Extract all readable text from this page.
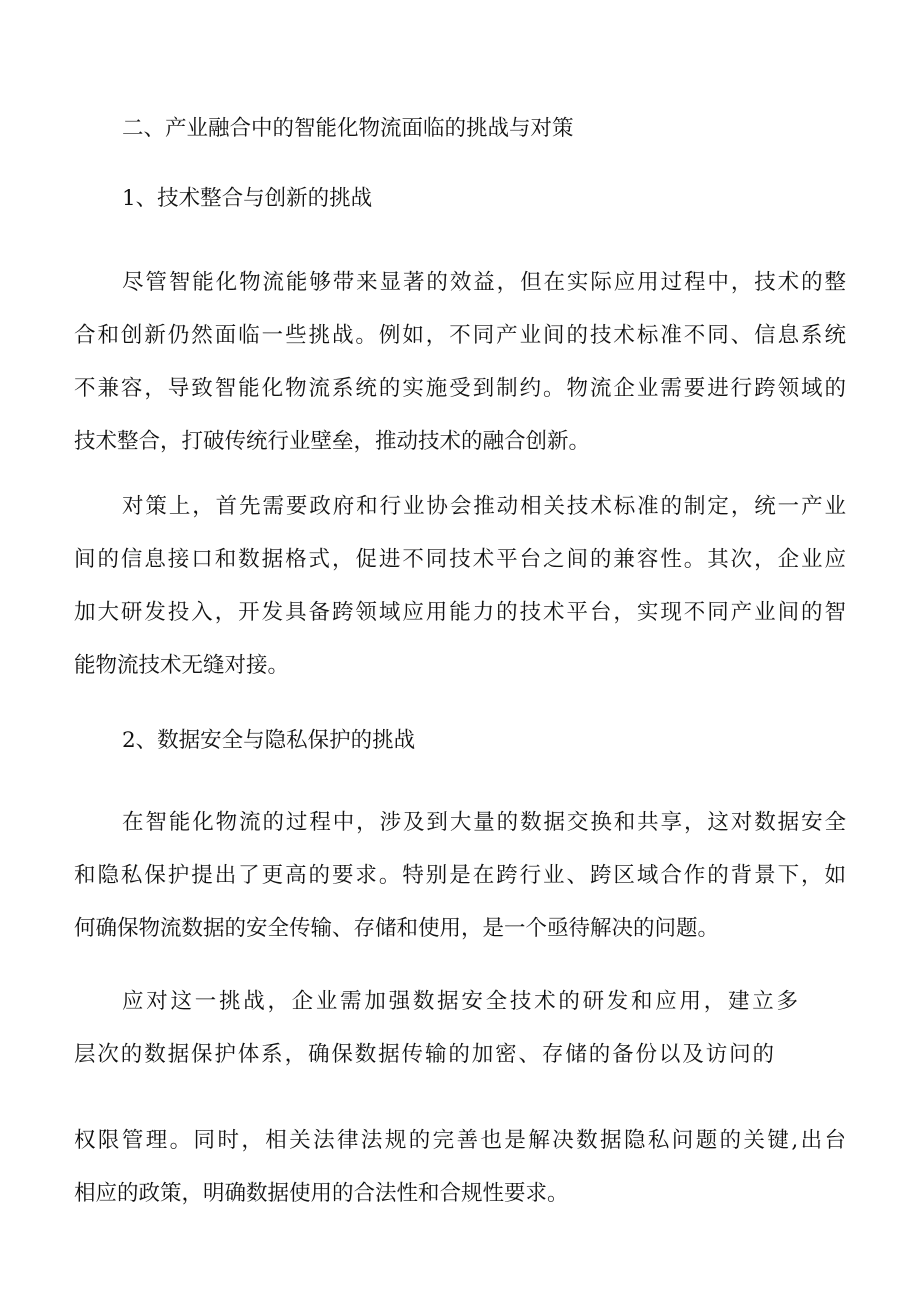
二、产业融合中的智能化物流面临的挑战与对策
1、技术整合与创新的挑战
尽管智能化物流能够带来显著的效益，但在实际应用过程中，技术的整
合和创新仍然面临一些挑战。例如，不同产业间的技术标准不同、信息系统
不兼容，导致智能化物流系统的实施受到制约。物流企业需要进行跨领域的
技术整合，打破传统行业壁垒，推动技术的融合创新。
对策上，首先需要政府和行业协会推动相关技术标准的制定，统一产业
间的信息接口和数据格式，促进不同技术平台之间的兼容性。其次，企业应
加大研发投入，开发具备跨领域应用能力的技术平台，实现不同产业间的智
能物流技术无缝对接。
2、数据安全与隐私保护的挑战
在智能化物流的过程中，涉及到大量的数据交换和共享，这对数据安全
和隐私保护提出了更高的要求。特别是在跨行业、跨区域合作的背景下，如
何确保物流数据的安全传输、存储和使用，是一个亟待解决的问题。
应对这一挑战，企业需加强数据安全技术的研发和应用，建立多
层次的数据保护体系，确保数据传输的加密、存储的备份以及访问的
权限管理。同时，相关法律法规的完善也是解决数据隐私问题的关键,出台
相应的政策，明确数据使用的合法性和合规性要求。
